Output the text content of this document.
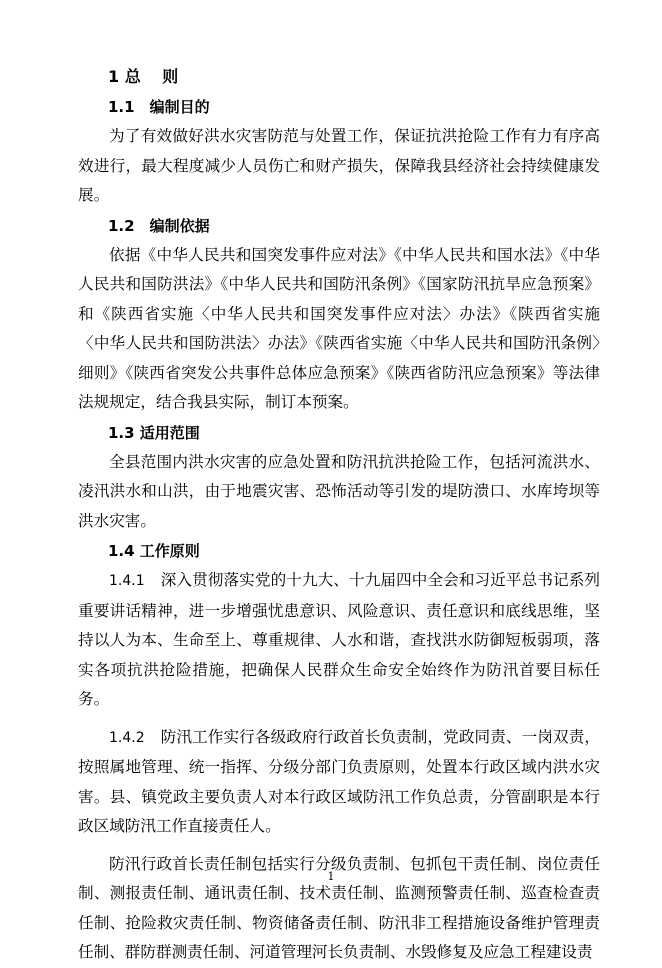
1 总　 则
1.1　编制目的

为了有效做好洪水灾害防范与处置工作，保证抗洪抢险工作有力有序高效进行，最大程度减少人员伤亡和财产损失，保障我县经济社会持续健康发展。

1.2　编制依据

依据《中华人民共和国突发事件应对法》《中华人民共和国水法》《中华人民共和国防洪法》《中华人民共和国防汛条例》《国家防汛抗旱应急预案》和《陕西省实施〈中华人民共和国突发事件应对法〉办法》《陕西省实施〈中华人民共和国防洪法〉办法》《陕西省实施〈中华人民共和国防汛条例〉细则》《陕西省突发公共事件总体应急预案》《陕西省防汛应急预案》等法律法规规定，结合我县实际，制订本预案。

1.3 适用范围

全县范围内洪水灾害的应急处置和防汛抗洪抢险工作，包括河流洪水、凌汛洪水和山洪，由于地震灾害、恐怖活动等引发的堤防溃口、水库垮坝等洪水灾害。

1.4 工作原则

1.4.1 深入贯彻落实党的十九大、十九届四中全会和习近平总书记系列重要讲话精神，进一步增强忧患意识、风险意识、责任意识和底线思维，坚持以人为本、生命至上、尊重规律、人水和谐，查找洪水防御短板弱项，落实各项抗洪抢险措施，把确保人民群众生命安全始终作为防汛首要目标任务。

1.4.2 防汛工作实行各级政府行政首长负责制，党政同责、一岗双责，按照属地管理、统一指挥、分级分部门负责原则，处置本行政区域内洪水灾害。县、镇党政主要负责人对本行政区域防汛工作负总责，分管副职是本行政区域防汛工作直接责任人。

防汛行政首长责任制包括实行分级负责制、包抓包干责任制、岗位责任制、测报责任制、通讯责任制、技术责任制、监测预警责任制、巡查检查责任制、抢险救灾责任制、物资储备责任制、防汛非工程措施设备维护管理责任制、群防群测责任制、河道管理河长负责制、水毁修复及应急工程建设责

1
